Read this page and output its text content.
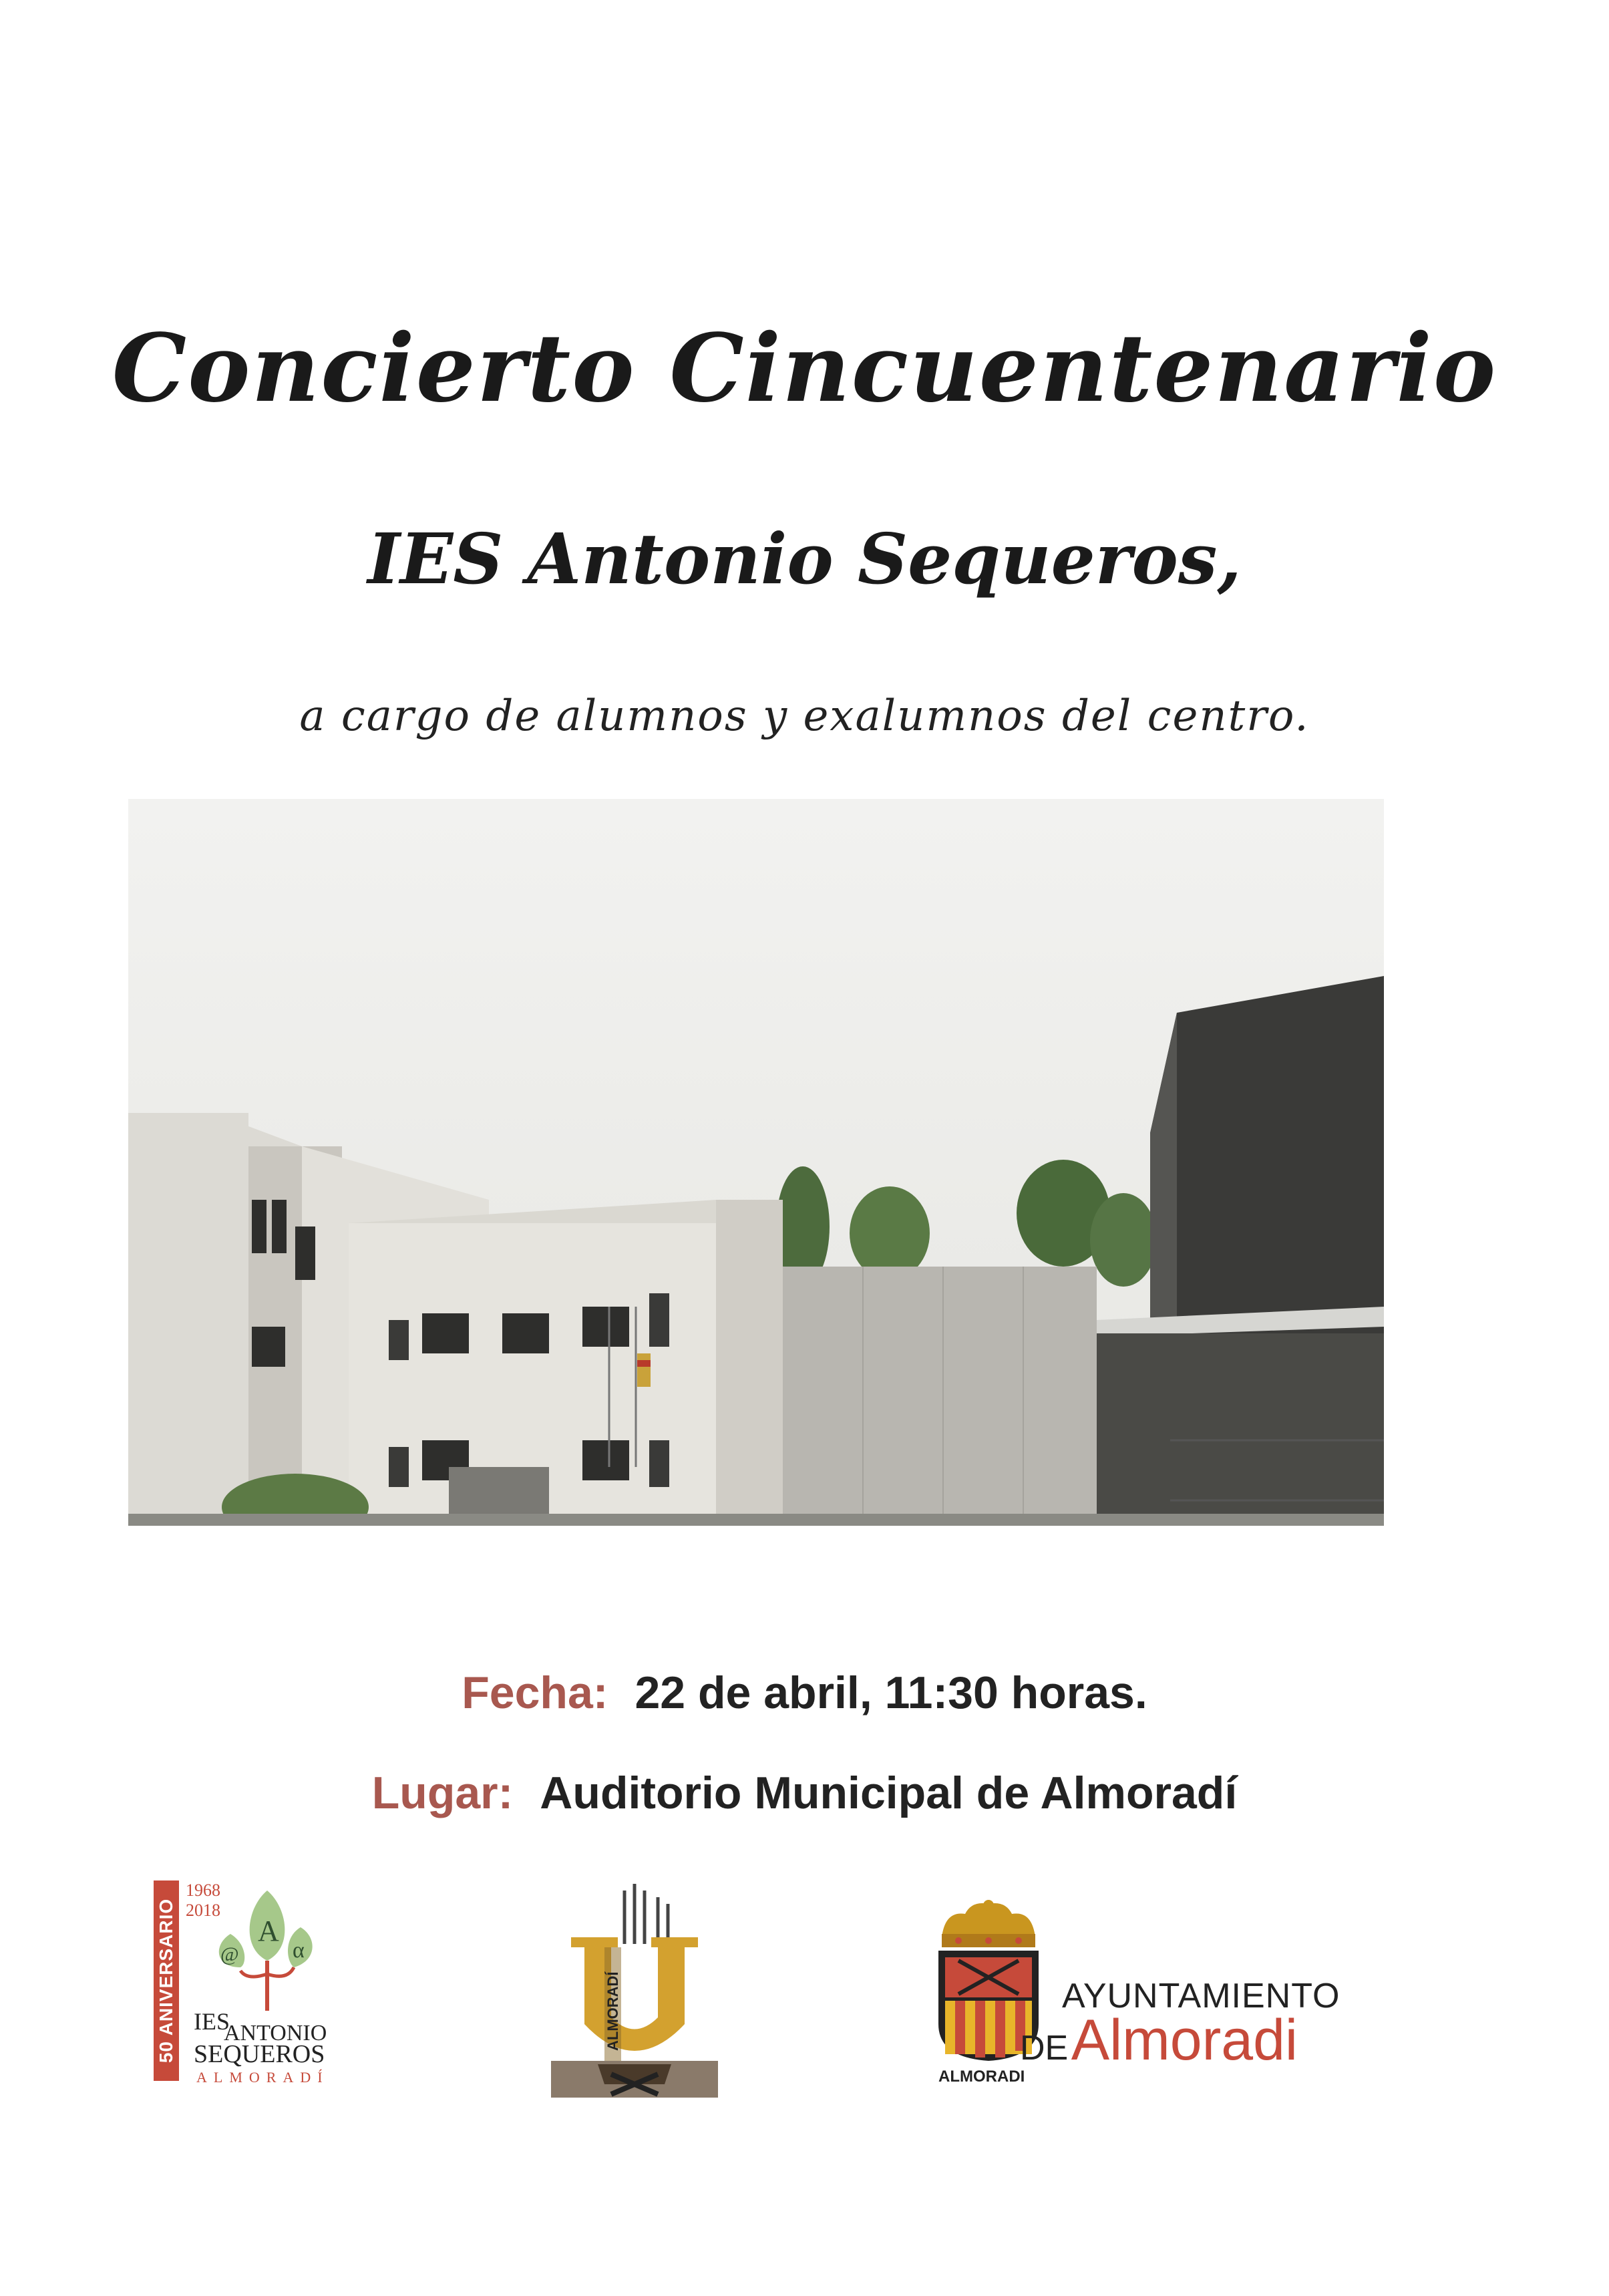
Concierto Cincuentenario
IES Antonio Sequeros,
a cargo de alumnos y exalumnos del centro.
Fecha: 22 de abril, 11:30 horas.
Lugar: Auditorio Municipal de Almoradí
50 ANIVERSARIO
1968
2018
A
@ α
IES
ANTONIO
SEQUEROS
ALMORADÍ
ALMORADÍ
ALMORADI
AYUNTAMIENTO
DE Almoradi
